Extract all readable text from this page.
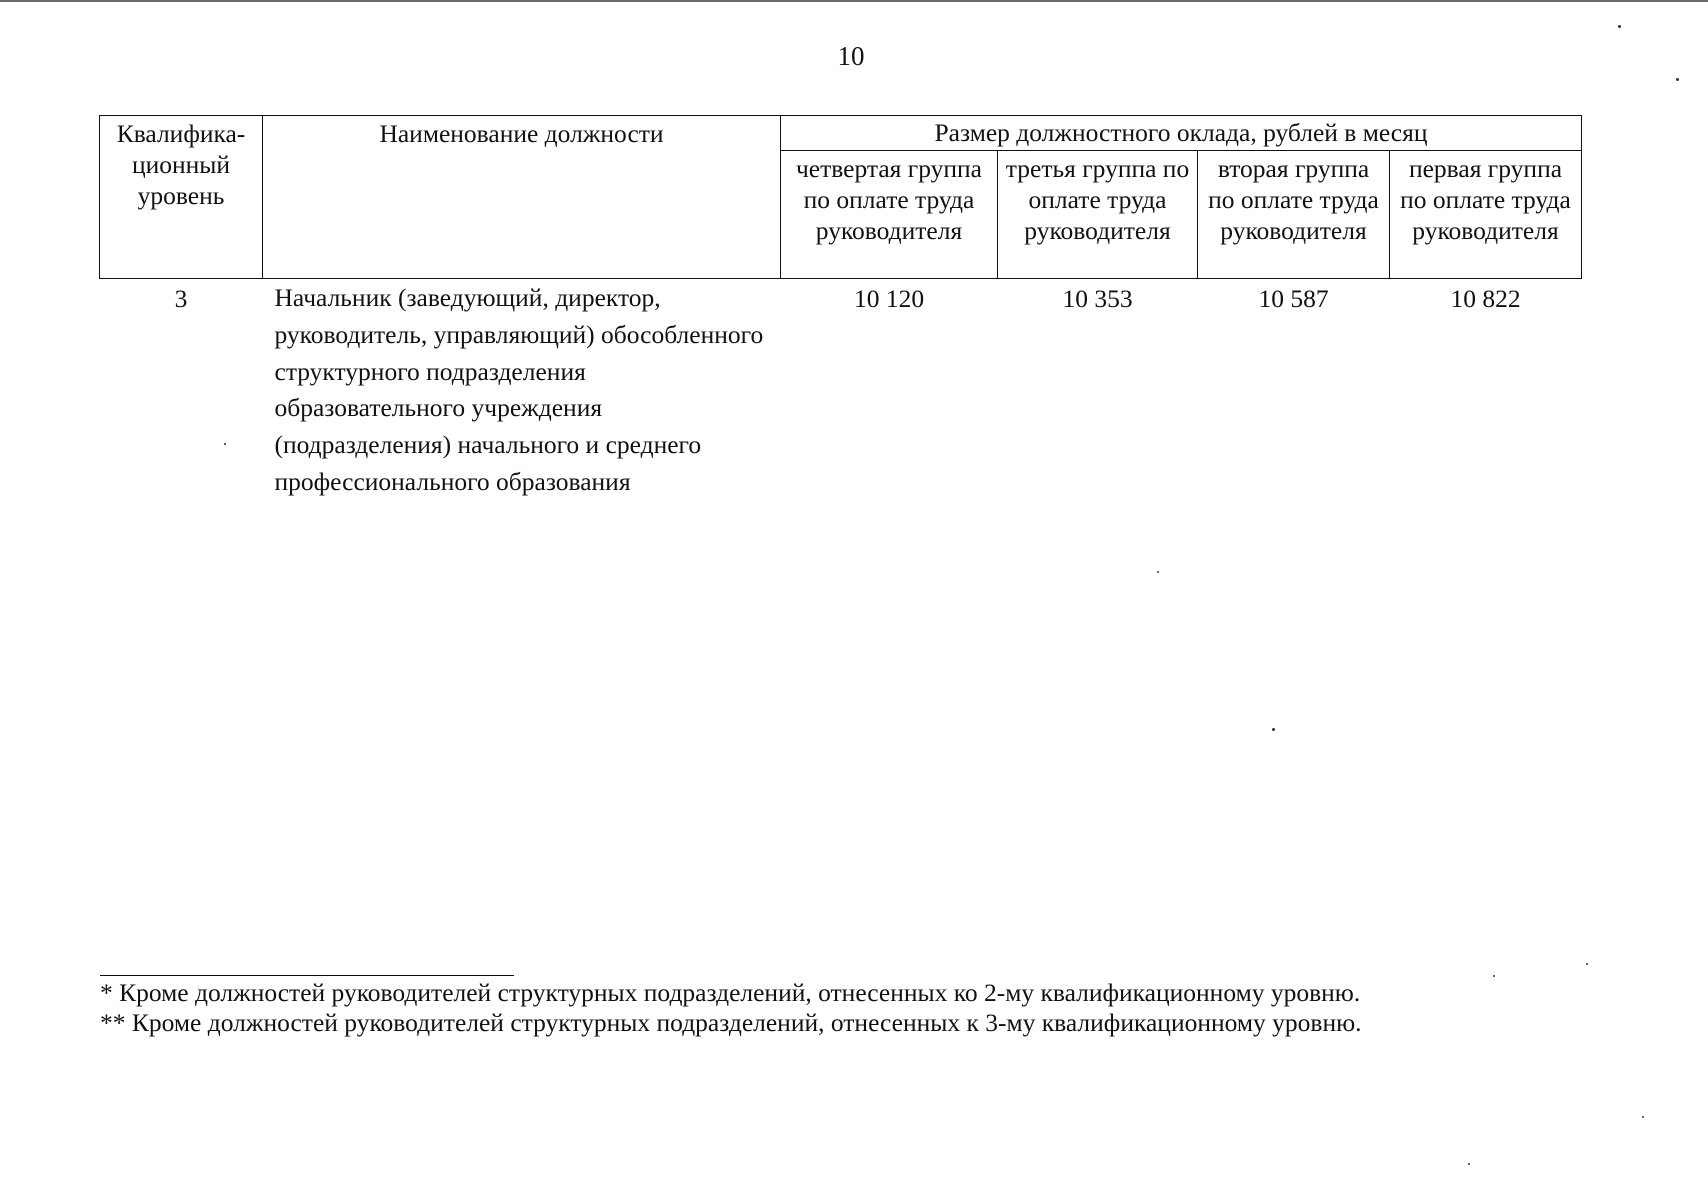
10
Квалифика-ционный уровень	Наименование должности	Размер должностного оклада, рублей в месяц			
		четвертая группа по оплате труда руководителя	третья группа по оплате труда руководителя	вторая группа по оплате труда руководителя	первая группа по оплате труда руководителя
3	Начальник (заведующий, директор, руководитель, управляющий) обособленного структурного подразделения образовательного учреждения (подразделения) начального и среднего профессионального образования	10 120	10 353	10 587	10 822
* Кроме должностей руководителей структурных подразделений, отнесенных ко 2-му квалификационному уровню.
** Кроме должностей руководителей структурных подразделений, отнесенных к 3-му квалификационному уровню.
